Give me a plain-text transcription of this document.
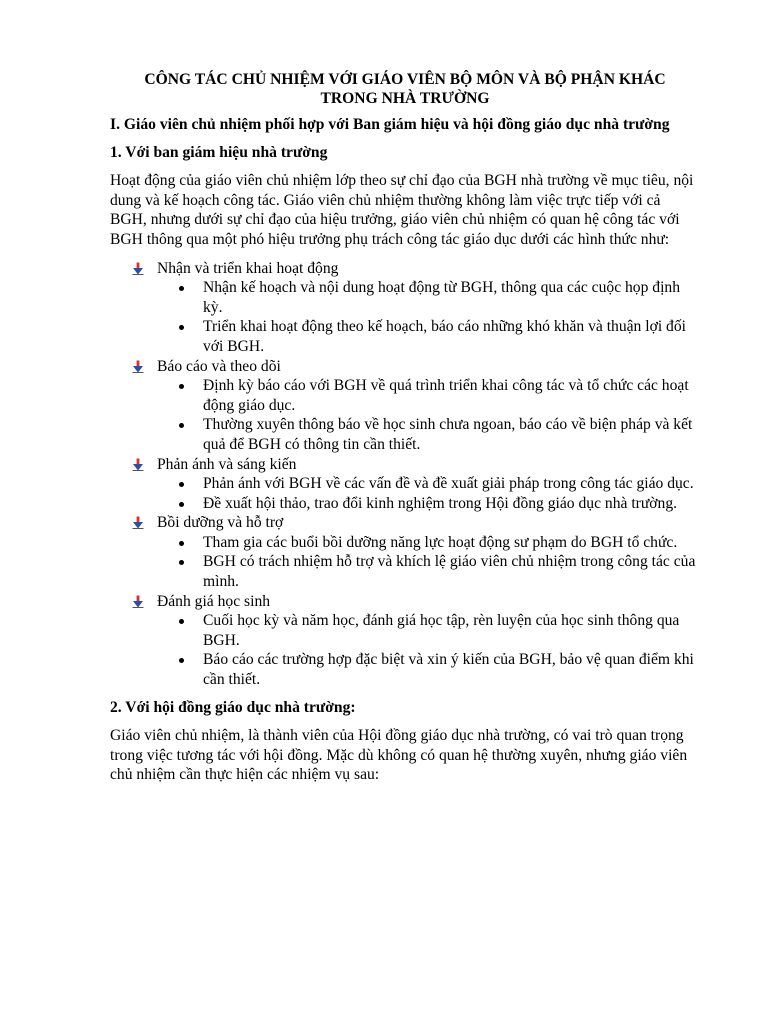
CÔNG TÁC CHỦ NHIỆM VỚI GIÁO VIÊN BỘ MÔN VÀ BỘ PHẬN KHÁC TRONG NHÀ TRƯỜNG
I. Giáo viên chủ nhiệm phối hợp với Ban giám hiệu và hội đồng giáo dục nhà trường
1. Với ban giám hiệu nhà trường
Hoạt động của giáo viên chủ nhiệm lớp theo sự chỉ đạo của BGH nhà trường về mục tiêu, nội dung và kế hoạch công tác. Giáo viên chủ nhiệm thường không làm việc trực tiếp với cả BGH, nhưng dưới sự chỉ đạo của hiệu trưởng, giáo viên chủ nhiệm có quan hệ công tác với BGH thông qua một phó hiệu trưởng phụ trách công tác giáo dục dưới các hình thức như:
Nhận và triển khai hoạt động
Nhận kế hoạch và nội dung hoạt động từ BGH, thông qua các cuộc họp định kỳ.
Triển khai hoạt động theo kế hoạch, báo cáo những khó khăn và thuận lợi đối với BGH.
Báo cáo và theo dõi
Định kỳ báo cáo với BGH về quá trình triển khai công tác và tổ chức các hoạt động giáo dục.
Thường xuyên thông báo về học sinh chưa ngoan, báo cáo về biện pháp và kết quả để BGH có thông tin cần thiết.
Phản ánh và sáng kiến
Phản ánh với BGH về các vấn đề và đề xuất giải pháp trong công tác giáo dục.
Đề xuất hội thảo, trao đổi kinh nghiệm trong Hội đồng giáo dục nhà trường.
Bồi dưỡng và hỗ trợ
Tham gia các buổi bồi dưỡng năng lực hoạt động sư phạm do BGH tổ chức.
BGH có trách nhiệm hỗ trợ và khích lệ giáo viên chủ nhiệm trong công tác của mình.
Đánh giá học sinh
Cuối học kỳ và năm học, đánh giá học tập, rèn luyện của học sinh thông qua BGH.
Báo cáo các trường hợp đặc biệt và xin ý kiến của BGH, bảo vệ quan điểm khi cần thiết.
2. Với hội đồng giáo dục nhà trường:
Giáo viên chủ nhiệm, là thành viên của Hội đồng giáo dục nhà trường, có vai trò quan trọng trong việc tương tác với hội đồng. Mặc dù không có quan hệ thường xuyên, nhưng giáo viên chủ nhiệm cần thực hiện các nhiệm vụ sau:
